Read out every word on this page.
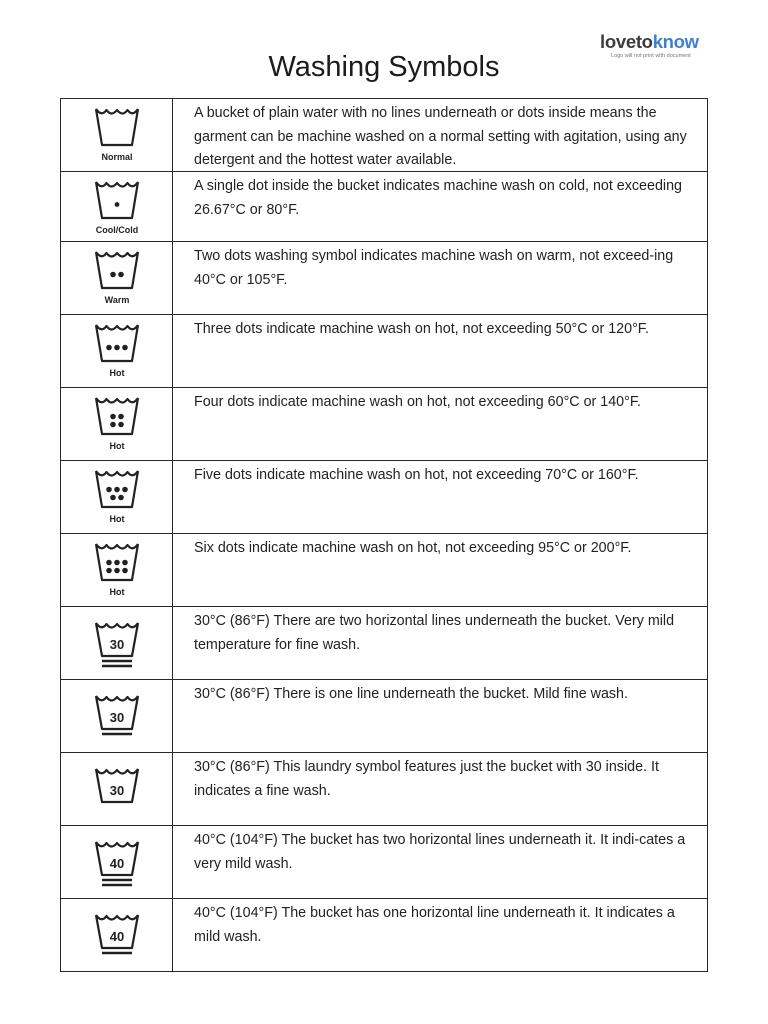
lovetoknow
Logo will not print with document
Washing Symbols
Normal
A bucket of plain water with no lines underneath or dots inside means the garment can be machine washed on a normal setting with agitation, using any detergent and the hottest water available.
Cool/Cold
A single dot inside the bucket indicates machine wash on cold, not exceeding 26.67°C or 80°F.
Warm
Two dots washing symbol indicates machine wash on warm, not exceed-ing 40°C or 105°F.
Hot
Three dots indicate machine wash on hot, not exceeding 50°C or 120°F.
Hot
Four dots indicate machine wash on hot, not exceeding 60°C or 140°F.
Hot
Five dots indicate machine wash on hot, not exceeding 70°C or 160°F.
Hot
Six dots indicate machine wash on hot, not exceeding 95°C or 200°F.
30
30°C (86°F) There are two horizontal lines underneath the bucket. Very mild temperature for fine wash.
30
30°C (86°F) There is one line underneath the bucket. Mild fine wash.
30
30°C (86°F) This laundry symbol features just the bucket with 30 inside. It indicates a fine wash.
40
40°C (104°F) The bucket has two horizontal lines underneath it. It indi-cates a very mild wash.
40
40°C (104°F) The bucket has one horizontal line underneath it. It indicates a mild wash.
